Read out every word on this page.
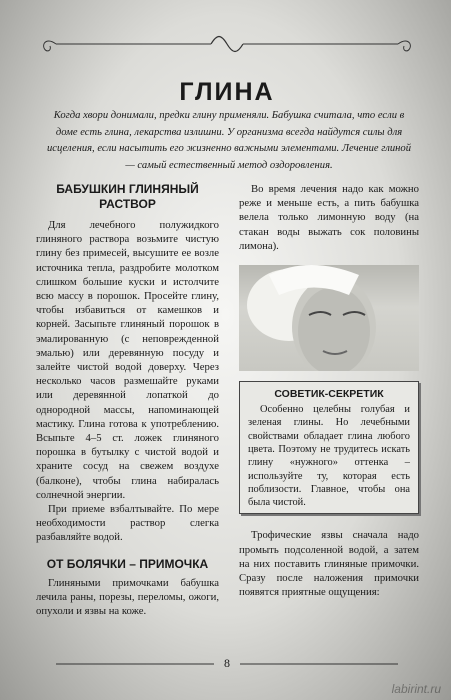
ГЛИНА
Когда хвори донимали, предки глину применяли. Бабушка считала, что если в доме есть глина, лекарства излишни. У организма всегда найдутся силы для исцеления, если насытить его жизненно важными элементами. Лечение глиной — самый естественный метод оздоровления.
БАБУШКИН ГЛИНЯНЫЙ РАСТВОР

Для лечебного полужидкого глиняного раствора возьмите чистую глину без примесей, высушите ее возле источника тепла, раздробите молотком слишком большие куски и истолчите всю массу в порошок. Просейте глину, чтобы избавиться от камешков и корней. Засыпьте глиняный порошок в эмалированную (с неповрежденной эмалью) или деревянную посуду и залейте чистой водой доверху. Через несколько часов размешайте руками или деревянной лопаткой до однородной массы, напоминающей мастику. Глина готова к употреблению. Всыпьте 4–5 ст. ложек глиняного порошка в бутылку с чистой водой и храните сосуд на свежем воздухе (балконе), чтобы глина набиралась солнечной энергии.

При приеме взбалтывайте. По мере необходимости раствор слегка разбавляйте водой.

ОТ БОЛЯЧКИ – ПРИМОЧКА

Глиняными примочками бабушка лечила раны, порезы, переломы, ожоги, опухоли и язвы на коже.

Во время лечения надо как можно реже и меньше есть, а пить бабушка велела только лимонную воду (на стакан воды выжать сок половины лимона).

СОВЕТИК-СЕКРЕТИК

Особенно целебны голубая и зеленая глины. Но лечебными свойствами обладает глина любого цвета. Поэтому не трудитесь искать глину «нужного» оттенка – используйте ту, которая есть поблизости. Главное, чтобы она была чистой.

Трофические язвы сначала надо промыть подсоленной водой, а затем на них поставить глиняные примочки. Сразу после наложения примочки появятся приятные ощущения:

8
labirint.ru
